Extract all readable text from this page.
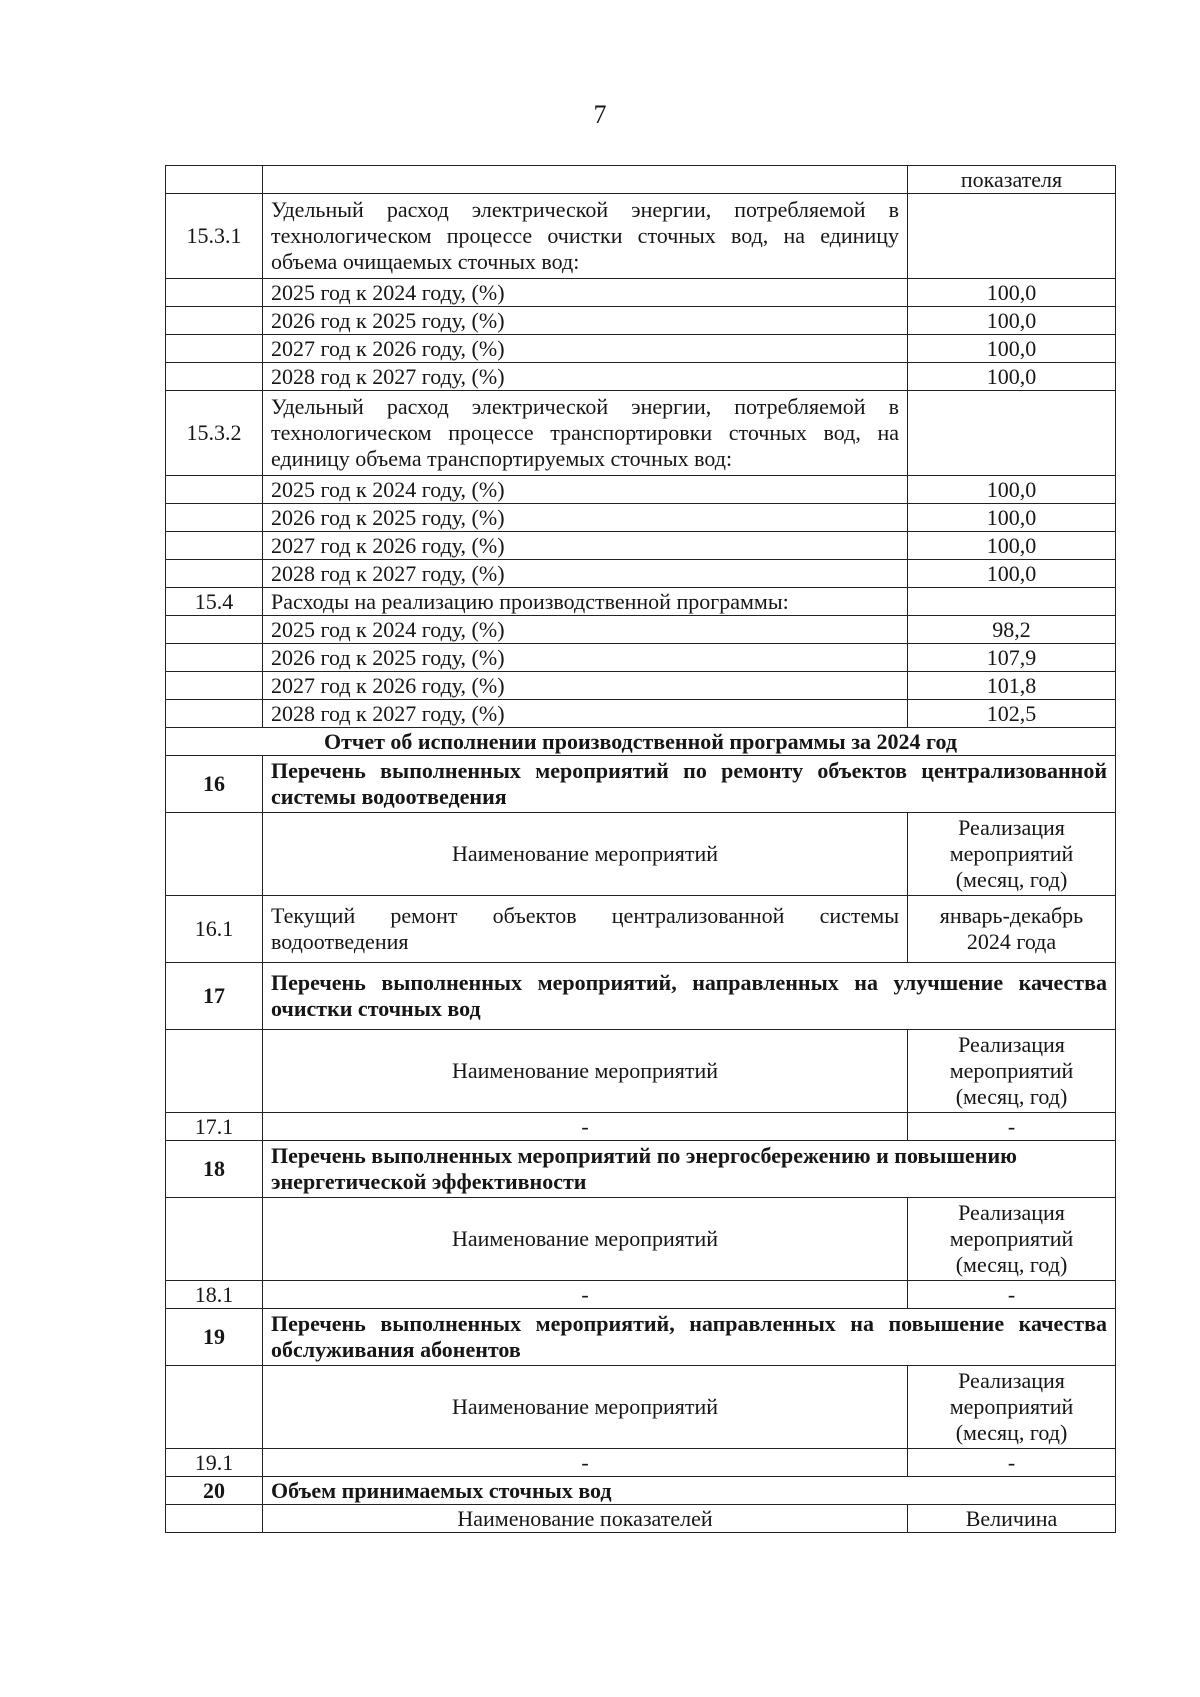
7
		показателя
15.3.1	Удельный расход электрической энергии, потребляемой в технологическом процессе очистки сточных вод, на единицу объема очищаемых сточных вод:	
	2025 год к 2024 году, (%)	100,0
	2026 год к 2025 году, (%)	100,0
	2027 год к 2026 году, (%)	100,0
	2028 год к 2027 году, (%)	100,0
15.3.2	Удельный расход электрической энергии, потребляемой в технологическом процессе транспортировки сточных вод, на единицу объема транспортируемых сточных вод:	
	2025 год к 2024 году, (%)	100,0
	2026 год к 2025 году, (%)	100,0
	2027 год к 2026 году, (%)	100,0
	2028 год к 2027 году, (%)	100,0
15.4	Расходы на реализацию производственной программы:	
	2025 год к 2024 году, (%)	98,2
	2026 год к 2025 году, (%)	107,9
	2027 год к 2026 году, (%)	101,8
	2028 год к 2027 году, (%)	102,5
Отчет об исполнении производственной программы за 2024 год		
16	Перечень выполненных мероприятий по ремонту объектов централизованной системы водоотведения	
	Наименование мероприятий	Реализация мероприятий (месяц, год)
16.1	Текущий ремонт объектов централизованной системы водоотведения	январь-декабрь 2024 года
17	Перечень выполненных мероприятий, направленных на улучшение качества очистки сточных вод	
	Наименование мероприятий	Реализация мероприятий (месяц, год)
17.1	-	-
18	Перечень выполненных мероприятий по энергосбережению и повышению энергетической эффективности	
	Наименование мероприятий	Реализация мероприятий (месяц, год)
18.1	-	-
19	Перечень выполненных мероприятий, направленных на повышение качества обслуживания абонентов	
	Наименование мероприятий	Реализация мероприятий (месяц, год)
19.1	-	-
20	Объем принимаемых сточных вод	
	Наименование показателей	Величина
